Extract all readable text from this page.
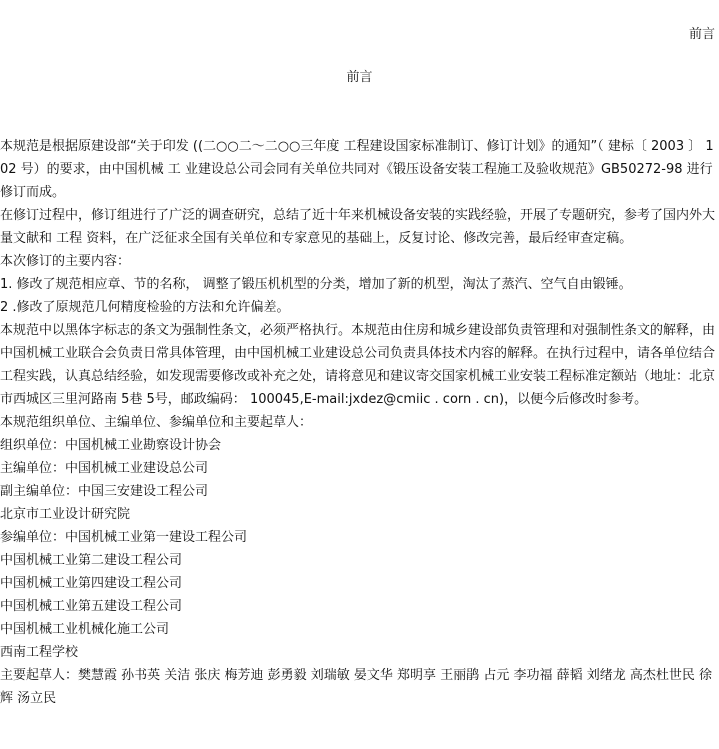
前言
前言

本规范是根据原建设部“关于印发 ((二○○二～二○○三年度 工程建设国家标准制订、修订计划》的通知”（ 建标〔 2003 〕 102 号）的要求，由中国机械 工 业建设总公司会同有关单位共同对《锻压设备安装工程施工及验收规范》GB50272-98 进行修订而成。

在修订过程中，修订组进行了广泛的调查研究，总结了近十年来机械设备安装的实践经验，开展了专题研究，参考了国内外大量文献和 工程 资料，在广泛征求全国有关单位和专家意见的基础上，反复讨论、修改完善，最后经审查定稿。

本次修订的主要内容：

1. 修改了规范相应章、节的名称， 调整了锻压机机型的分类，增加了新的机型，淘汰了蒸汽、空气自由锻锤。

2 .修改了原规范几何精度检验的方法和允许偏差。

本规范中以黑体字标志的条文为强制性条文，必须严格执行。本规范由住房和城乡建设部负责管理和对强制性条文的解释，由中国机械工业联合会负责日常具体管理，由中国机械工业建设总公司负责具体技术内容的解释。在执行过程中，请各单位结合工程实践，认真总结经验，如发现需要修改或补充之处，请将意见和建议寄交国家机械工业安装工程标准定额站（地址：北京市西城区三里河路南 5巷 5号，邮政编码： 100045,E-mail:jxdez@cmiic . corn . cn)，以便今后修改时参考。

本规范组织单位、主编单位、参编单位和主要起草人：

组织单位：中国机械工业勘察设计协会

主编单位：中国机械工业建设总公司

副主编单位：中国三安建设工程公司

北京市工业设计研究院

参编单位：中国机械工业第一建设工程公司

中国机械工业第二建设工程公司

中国机械工业第四建设工程公司

中国机械工业第五建设工程公司

中国机械工业机械化施工公司

西南工程学校

主要起草人：樊慧霞 孙书英 关洁 张庆 梅芳迪 彭勇毅 刘瑞敏 晏文华 郑明享 王丽鹃 占元 李功福 薛韬 刘绪龙 高杰杜世民 徐辉 汤立民
